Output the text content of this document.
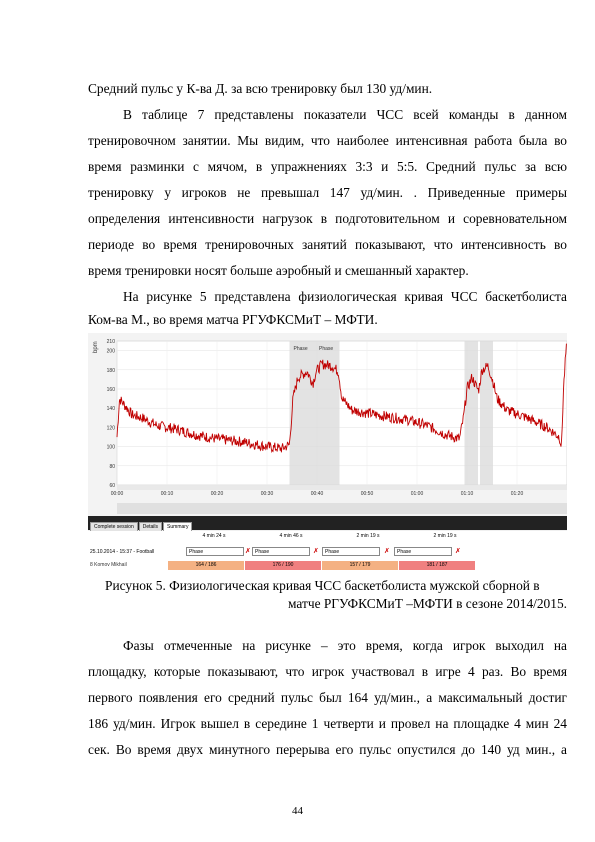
Средний пульс у К-ва Д. за всю тренировку был 130 уд/мин.
В таблице 7 представлены показатели ЧСС всей команды в данном
тренировочном занятии. Мы видим, что наиболее интенсивная работа была во
время разминки с мячом, в упражнениях 3:3 и 5:5. Средний пульс за всю
тренировку у игроков не превышал 147 уд/мин. . Приведенные примеры
определения интенсивности нагрузок в подготовительном и соревновательном
периоде во время тренировочных занятий показывают, что интенсивность во
время тренировки носят больше аэробный и смешанный характер.
На рисунке 5 представлена физиологическая кривая ЧСС баскетболиста
Ком-ва М., во время матча РГУФКСМиТ – МФТИ.
Phase Phase
210
200
180
160
140
120
100
80
60
00:00	00:10	00:20	00:30	00:40	00:50	01:00	01:10	01:20
bpm
Complete session	Details	Summary
4 min 24 s	4 min 46 s	2 min 19 s	2 min 19 s
25.10.2014 - 15:37 - Football	Phase	✗ Phase	✗	Phase	✗	Phase	✗
8 Komov Mikhail	164 / 186	176 / 190	157 / 179	181 / 187
Рисунок 5. Физиологическая кривая ЧСС баскетболиста мужской сборной в
матче РГУФКСМиТ –МФТИ в сезоне 2014/2015.
Фазы отмеченные на рисунке – это время, когда игрок выходил на
площадку, которые показывают, что игрок участвовал в игре 4 раз. Во время
первого появления его средний пульс был 164 уд/мин., а максимальный достиг
186 уд/мин. Игрок вышел в середине 1 четверти и провел на площадке 4 мин 24
сек. Во время двух минутного перерыва его пульс опустился до 140 уд мин., а
44
